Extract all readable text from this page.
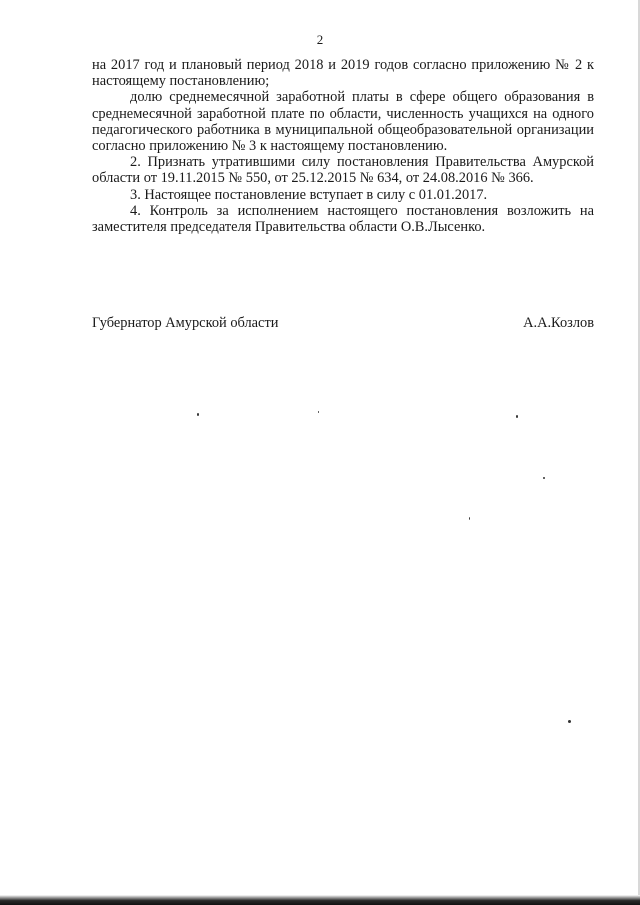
2

на 2017 год и плановый период 2018 и 2019 годов согласно приложению № 2 к настоящему постановлению;

долю среднемесячной заработной платы в сфере общего образования в среднемесячной заработной плате по области, численность учащихся на одного педагогического работника в муниципальной общеобразовательной организации согласно приложению № 3 к настоящему постановлению.

2. Признать утратившими силу постановления Правительства Амурской области от 19.11.2015 № 550, от 25.12.2015 № 634, от 24.08.2016 № 366.

3. Настоящее постановление вступает в силу с 01.01.2017.

4. Контроль за исполнением настоящего постановления возложить на заместителя председателя Правительства области О.В.Лысенко.

Губернатор Амурской области	А.А.Козлов
